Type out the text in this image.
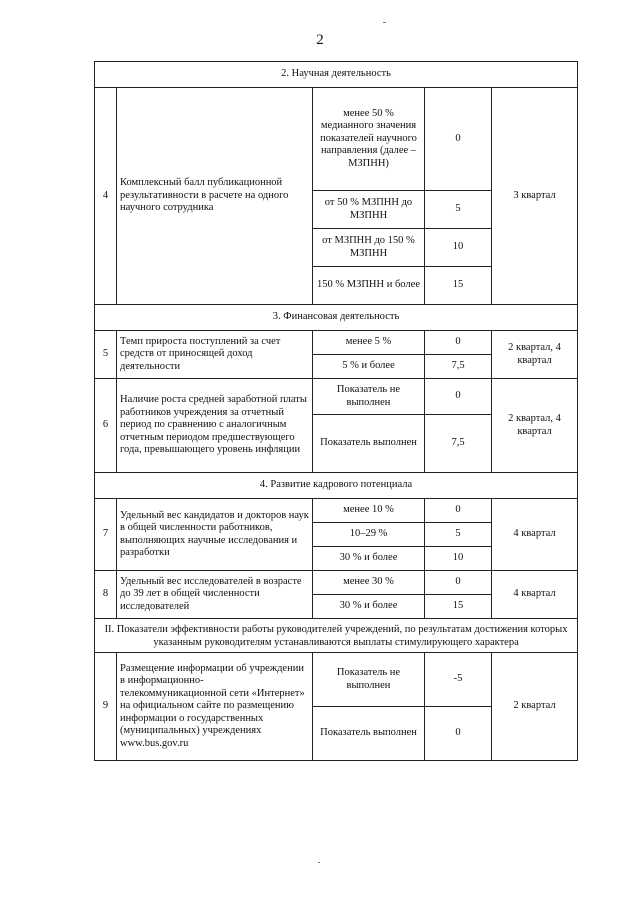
2
2. Научная деятельность				
4	Комплексный балл публикационной результативности в расчете на одного научного сотрудника	менее 50 % медианного значения показателей научного направления (далее – МЗПНН)	0	3 квартал
		от 50 % МЗПНН до МЗПНН	5	
		от МЗПНН до 150 % МЗПНН	10	
		150 % МЗПНН и более	15	
3. Финансовая деятельность				
5	Темп прироста поступлений за счет средств от приносящей доход деятельности	менее 5 %	0	2 квартал, 4 квартал
		5 % и более	7,5	
6	Наличие роста средней заработной платы работников учреждения за отчетный период по сравнению с аналогичным отчетным периодом предшествующего года, превышающего уровень инфляции	Показатель не выполнен	0	2 квартал, 4 квартал
		Показатель выполнен	7,5	
4. Развитие кадрового потенциала				
7	Удельный вес кандидатов и докторов наук в общей численности работников, выполняющих научные исследования и разработки	менее 10 %	0	4 квартал
		10–29 %	5	
		30 % и более	10	
8	Удельный вес исследователей в возрасте до 39 лет в общей численности исследователей	менее 30 %	0	4 квартал
		30 % и более	15	
II. Показатели эффективности работы руководителей учреждений, по результатам достижения которых указанным руководителям устанавливаются выплаты стимулирующего характера				
9	Размещение информации об учреждении в информационно-телекоммуникационной сети «Интернет» на официальном сайте по размещению информации о государственных (муниципальных) учреждениях www.bus.gov.ru	Показатель не выполнен	-5	2 квартал
		Показатель выполнен	0	
